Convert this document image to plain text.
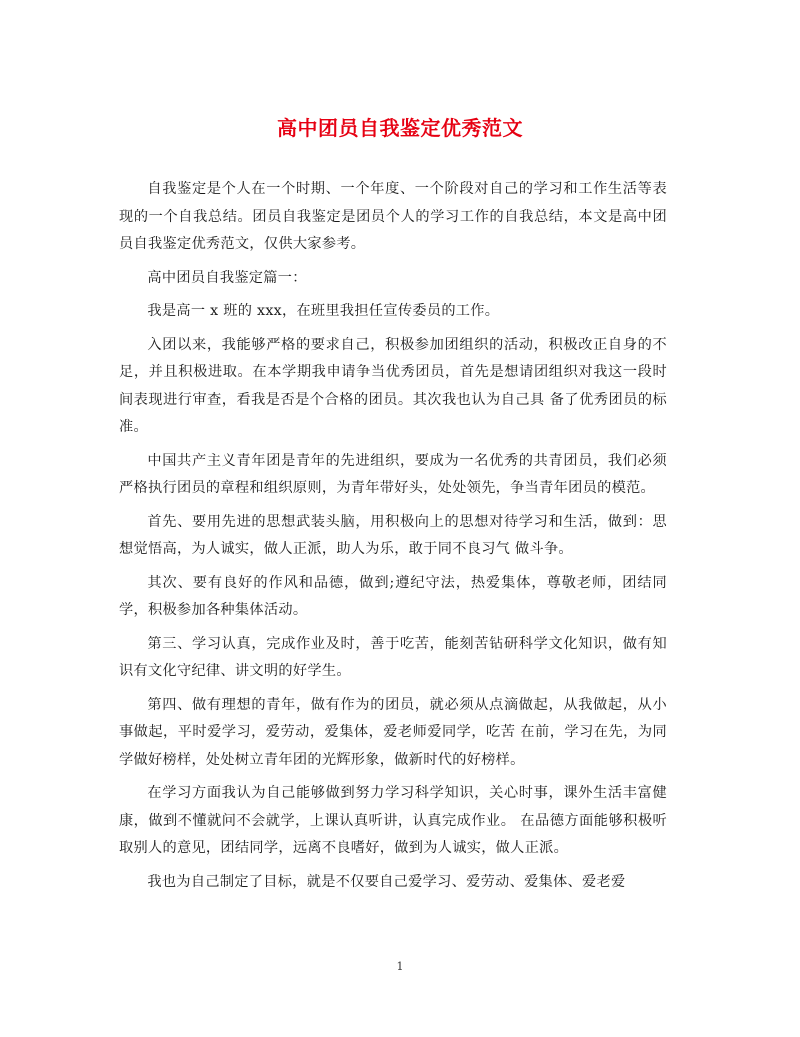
高中团员自我鉴定优秀范文

自我鉴定是个人在一个时期、一个年度、一个阶段对自己的学习和工作生活等表现的一个自我总结。团员自我鉴定是团员个人的学习工作的自我总结，本文是高中团员自我鉴定优秀范文，仅供大家参考。

高中团员自我鉴定篇一：

我是高一 x 班的 xxx，在班里我担任宣传委员的工作。

入团以来，我能够严格的要求自己，积极参加团组织的活动，积极改正自身的不足，并且积极进取。在本学期我申请争当优秀团员，首先是想请团组织对我这一段时间表现进行审查，看我是否是个合格的团员。其次我也认为自己具 备了优秀团员的标准。

中国共产主义青年团是青年的先进组织，要成为一名优秀的共青团员，我们必须严格执行团员的章程和组织原则，为青年带好头，处处领先，争当青年团员的模范。

首先、要用先进的思想武装头脑，用积极向上的思想对待学习和生活，做到：思想觉悟高，为人诚实，做人正派，助人为乐，敢于同不良习气 做斗争。

其次、要有良好的作风和品德，做到;遵纪守法，热爱集体，尊敬老师，团结同学，积极参加各种集体活动。

第三、学习认真，完成作业及时，善于吃苦，能刻苦钻研科学文化知识，做有知识有文化守纪律、讲文明的好学生。

第四、做有理想的青年，做有作为的团员，就必须从点滴做起，从我做起，从小事做起，平时爱学习，爱劳动，爱集体，爱老师爱同学，吃苦 在前，学习在先，为同学做好榜样，处处树立青年团的光辉形象，做新时代的好榜样。

在学习方面我认为自己能够做到努力学习科学知识，关心时事，课外生活丰富健康，做到不懂就问不会就学，上课认真听讲，认真完成作业。 在品德方面能够积极听取别人的意见，团结同学，远离不良嗜好，做到为人诚实，做人正派。

我也为自己制定了目标，就是不仅要自己爱学习、爱劳动、爱集体、爱老爱

1
